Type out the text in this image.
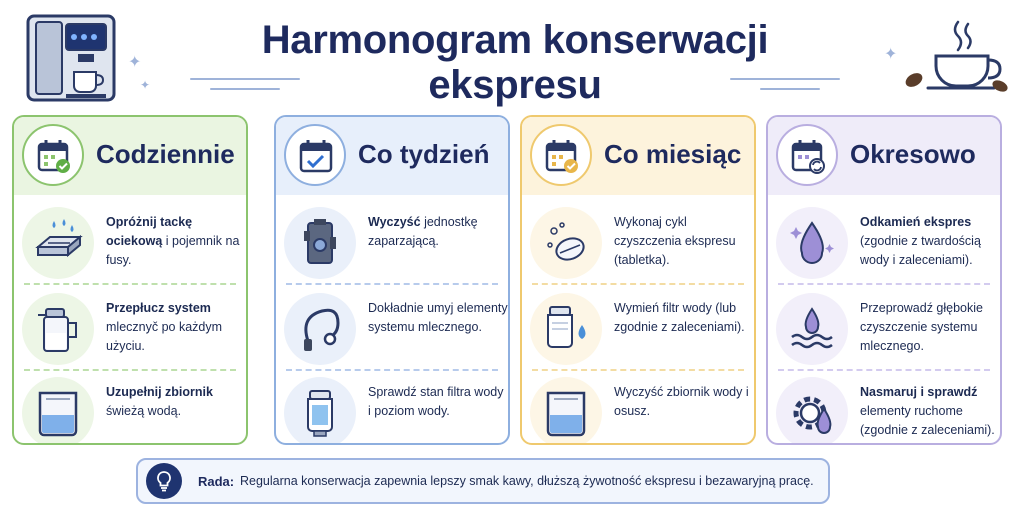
✦
✦
Harmonogram konserwacji ekspresu
✦
Codziennie
Opróżnij tackę ociekową i pojemnik na fusy.
Przepłucz system mlecznyč po każdym użyciu.
Uzupełnij zbiornik świeżą wodą.
Co tydzień
Wyczyść jednostkę zaparzającą.
Dokładnie umyj elementy systemu mlecznego.
Sprawdź stan filtra wody i poziom wody.
Co miesiąc
Wykonaj cykl czyszczenia ekspresu (tabletka).
Wymień filtr wody (lub zgodnie z zaleceniami).
Wyczyść zbiornik wody i osusz.
Okresowo
Odkamień ekspres (zgodnie z twardością wody i zaleceniami).
Przeprowadź głębokie czyszczenie systemu mlecznego.
Nasmaruj i sprawdź elementy ruchome (zgodnie z zaleceniami).
Rada: Regularna konserwacja zapewnia lepszy smak kawy, dłuższą żywotność ekspresu i bezawaryjną pracę.
